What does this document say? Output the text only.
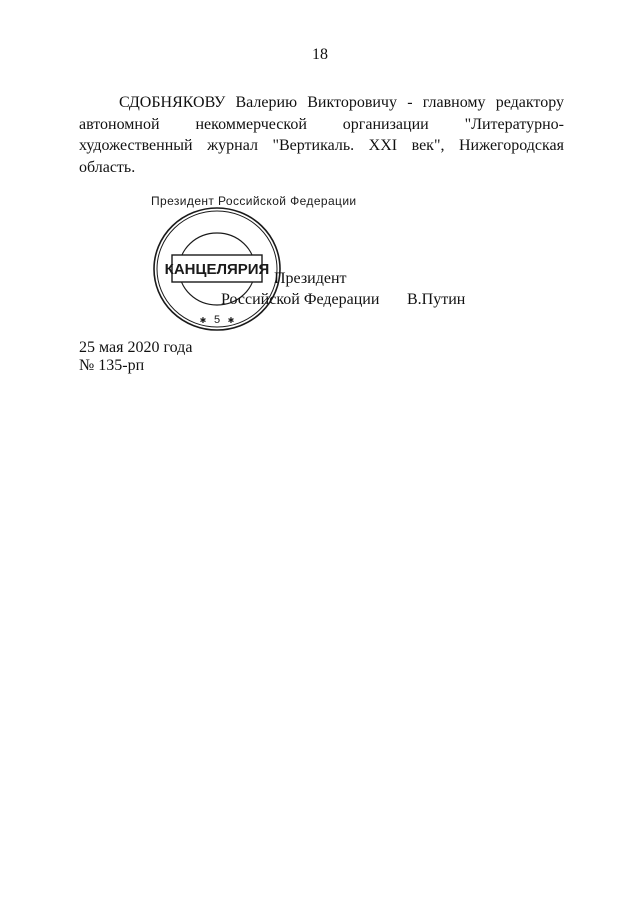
18

СДОБНЯКОВУ Валерию Викторовичу - главному редактору автономной некоммерческой организации "Литературно-художественный журнал "Вертикаль. XXI век", Нижегородская область.

Президент Российской Федерации
КАНЦЕЛЯРИЯ
5
✱	✱
Президент
Российской Федерации В.Путин
25 мая 2020 года
№ 135-рп
